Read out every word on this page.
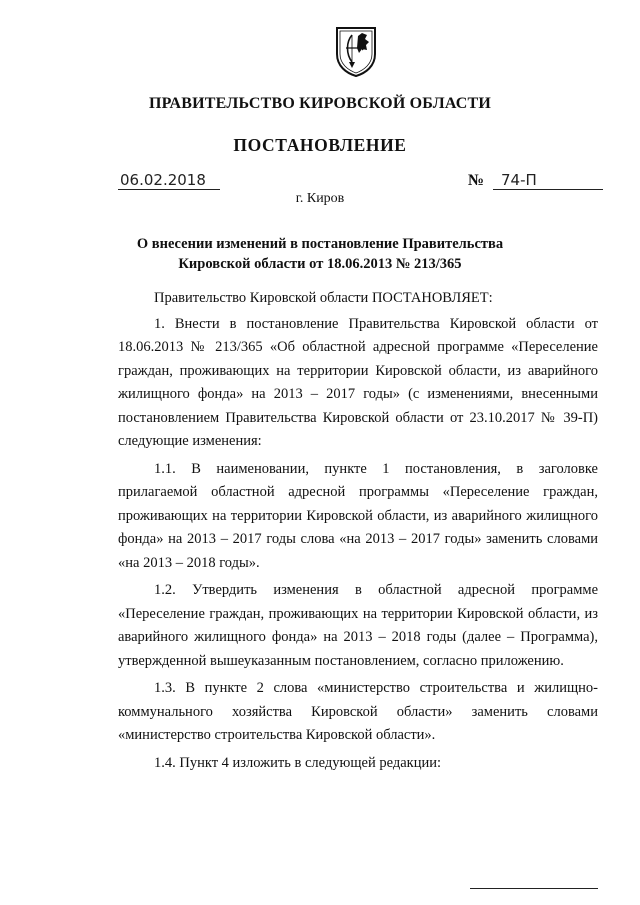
ПРАВИТЕЛЬСТВО КИРОВСКОЙ ОБЛАСТИ
ПОСТАНОВЛЕНИЕ
06.02.2018	№	74-П
г. Киров
О внесении изменений в постановление Правительства
Кировской области от 18.06.2013 № 213/365

Правительство Кировской области ПОСТАНОВЛЯЕТ:

1. Внести в постановление Правительства Кировской области от 18.06.2013 № 213/365 «Об областной адресной программе «Переселение граждан, проживающих на территории Кировской области, из аварийного жилищного фонда» на 2013 – 2017 годы» (с изменениями, внесенными постановлением Правительства Кировской области от 23.10.2017 № 39-П) следующие изменения:

1.1. В наименовании, пункте 1 постановления, в заголовке прилагаемой областной адресной программы «Переселение граждан, проживающих на территории Кировской области, из аварийного жилищного фонда» на 2013 – 2017 годы слова «на 2013 – 2017 годы» заменить словами «на 2013 – 2018 годы».

1.2. Утвердить изменения в областной адресной программе «Переселение граждан, проживающих на территории Кировской области, из аварийного жилищного фонда» на 2013 – 2018 годы (далее – Программа), утвержденной вышеуказанным постановлением, согласно приложению.

1.3. В пункте 2 слова «министерство строительства и жилищно-коммунального хозяйства Кировской области» заменить словами «министерство строительства Кировской области».

1.4. Пункт 4 изложить в следующей редакции:
